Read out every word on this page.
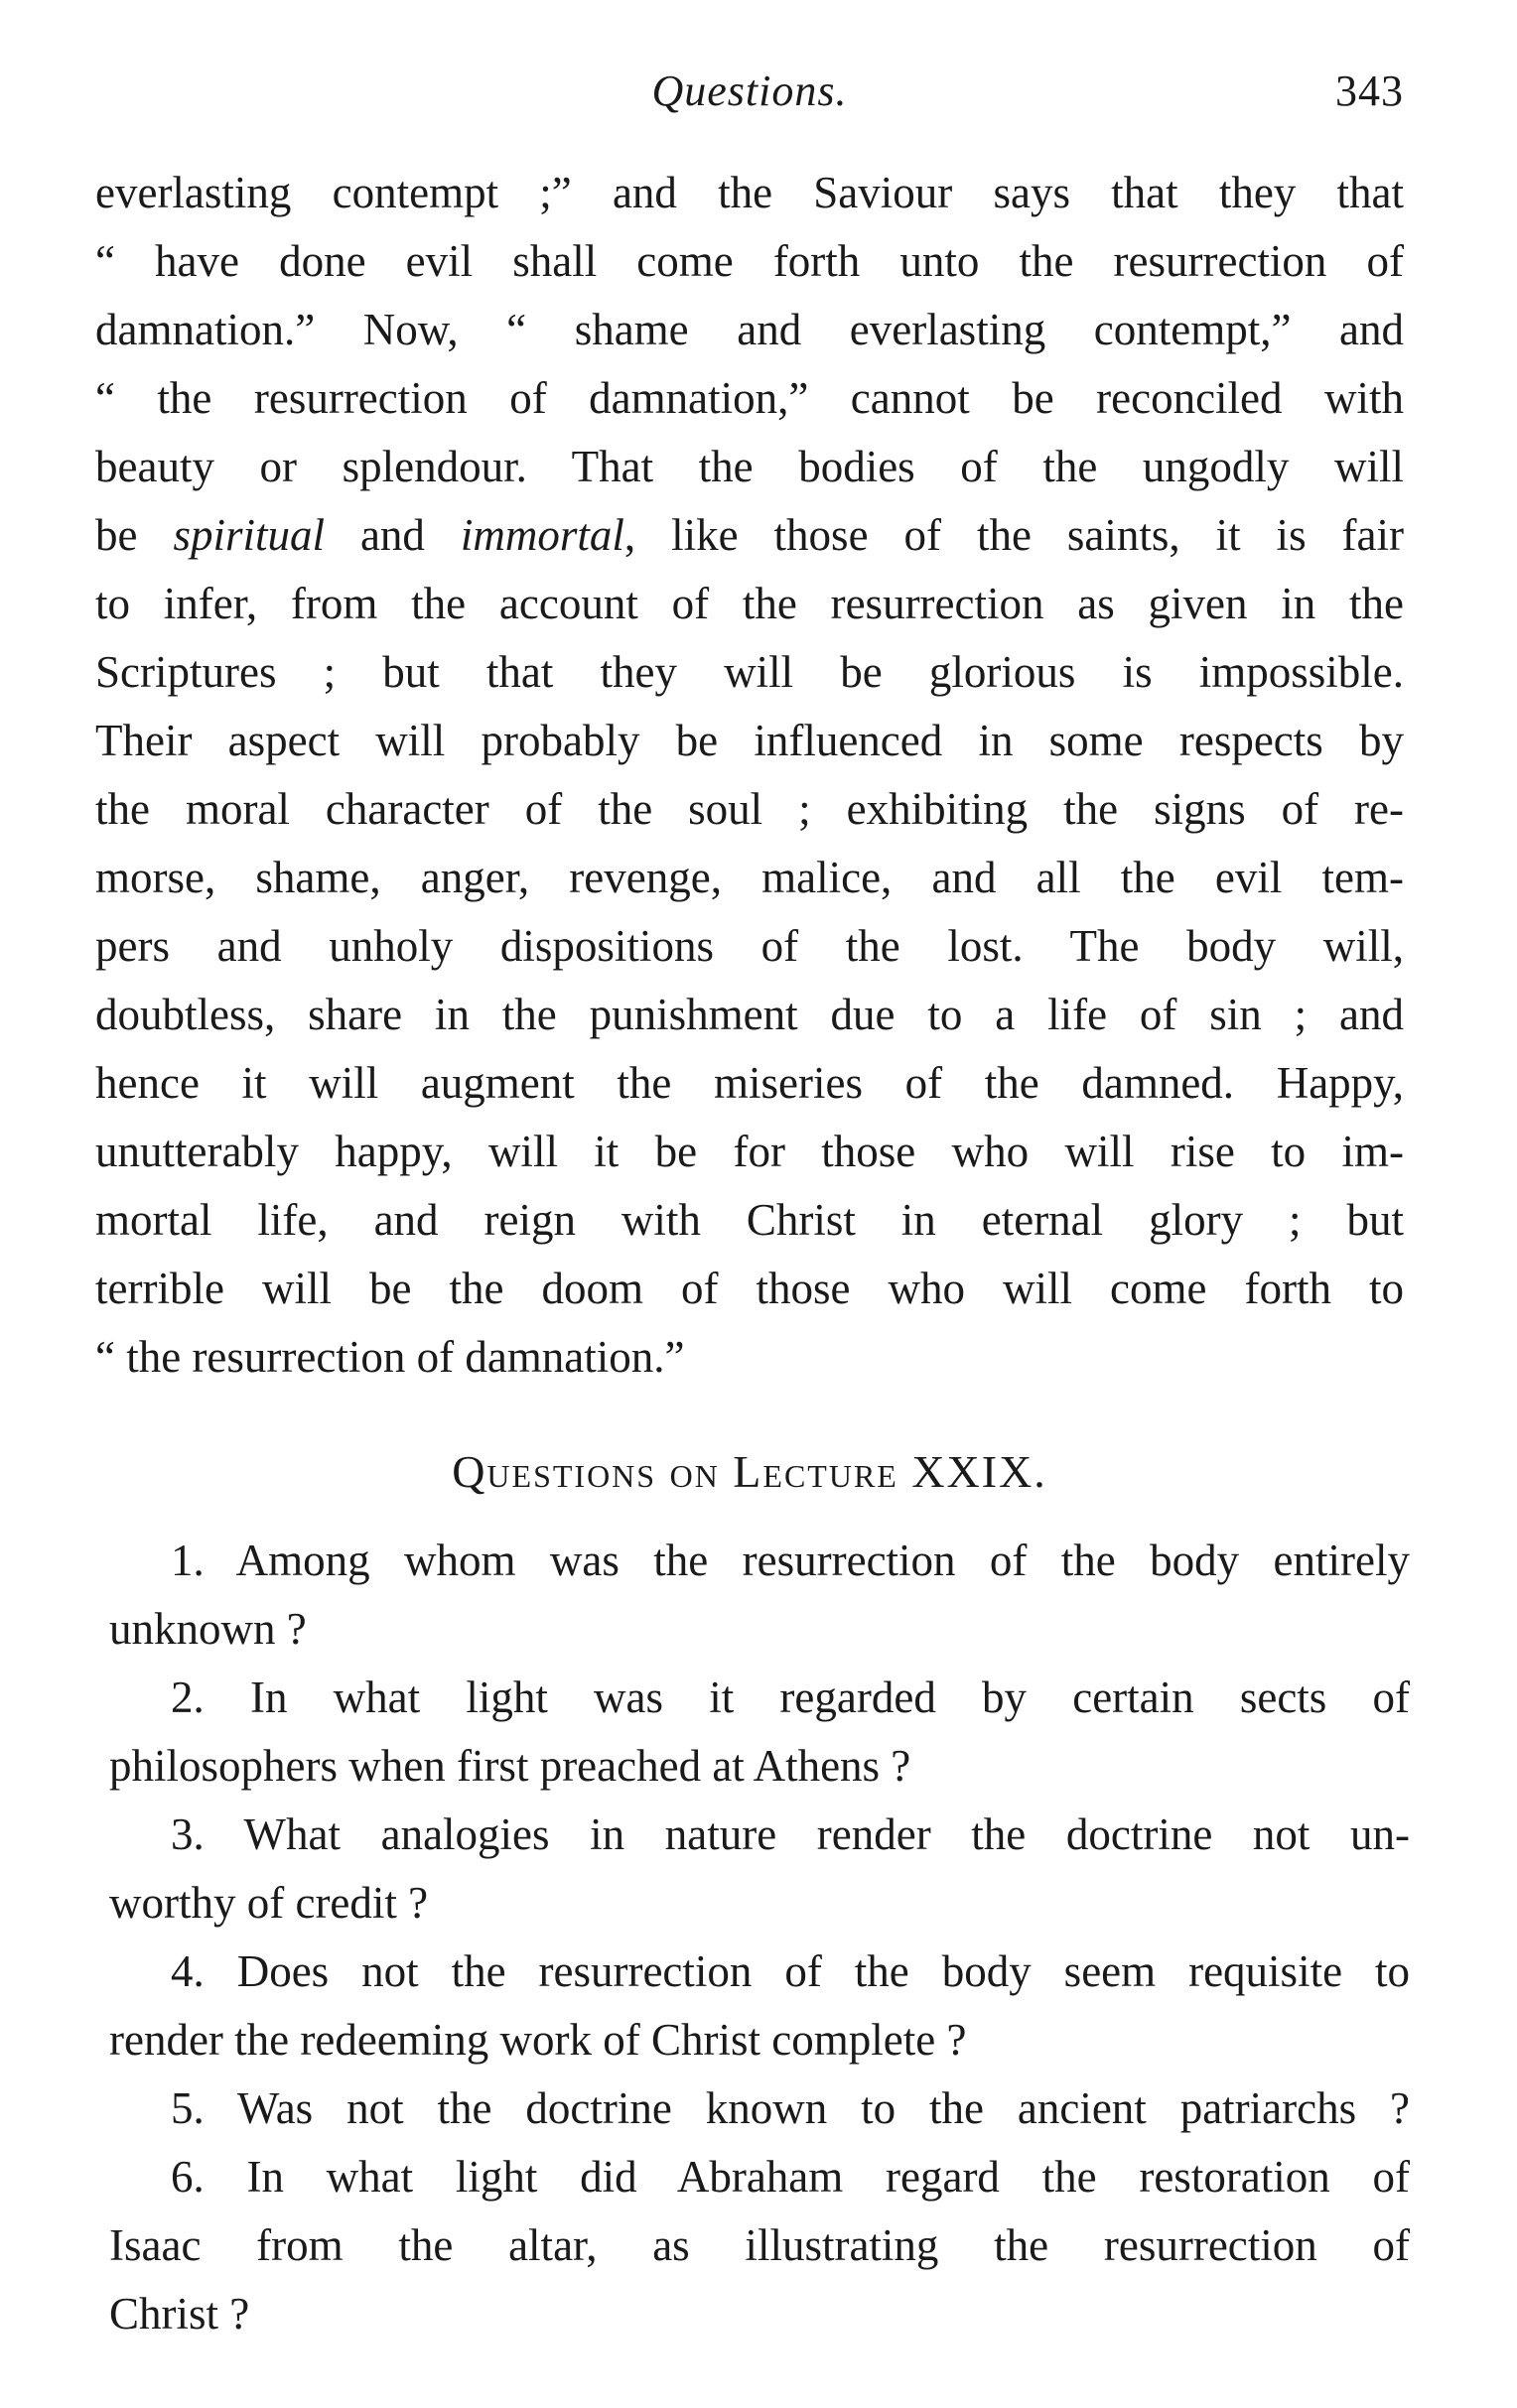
Questions.	343
everlasting contempt ;” and the Saviour says that they that
“ have done evil shall come forth unto the resurrection of
damnation.” Now, “ shame and everlasting contempt,” and
“ the resurrection of damnation,” cannot be reconciled with
beauty or splendour. That the bodies of the ungodly will
be spiritual and immortal, like those of the saints, it is fair
to infer, from the account of the resurrection as given in the
Scriptures ; but that they will be glorious is impossible.
Their aspect will probably be influenced in some respects by
the moral character of the soul ; exhibiting the signs of re-
morse, shame, anger, revenge, malice, and all the evil tem-
pers and unholy dispositions of the lost. The body will,
doubtless, share in the punishment due to a life of sin ; and
hence it will augment the miseries of the damned. Happy,
unutterably happy, will it be for those who will rise to im-
mortal life, and reign with Christ in eternal glory ; but
terrible will be the doom of those who will come forth to
“ the resurrection of damnation.”
Questions on Lecture XXIX.
1. Among whom was the resurrection of the body entirely
unknown ?
2. In what light was it regarded by certain sects of
philosophers when first preached at Athens ?
3. What analogies in nature render the doctrine not un-
worthy of credit ?
4. Does not the resurrection of the body seem requisite to
render the redeeming work of Christ complete ?
5. Was not the doctrine known to the ancient patriarchs ?
6. In what light did Abraham regard the restoration of
Isaac from the altar, as illustrating the resurrection of
Christ ?
